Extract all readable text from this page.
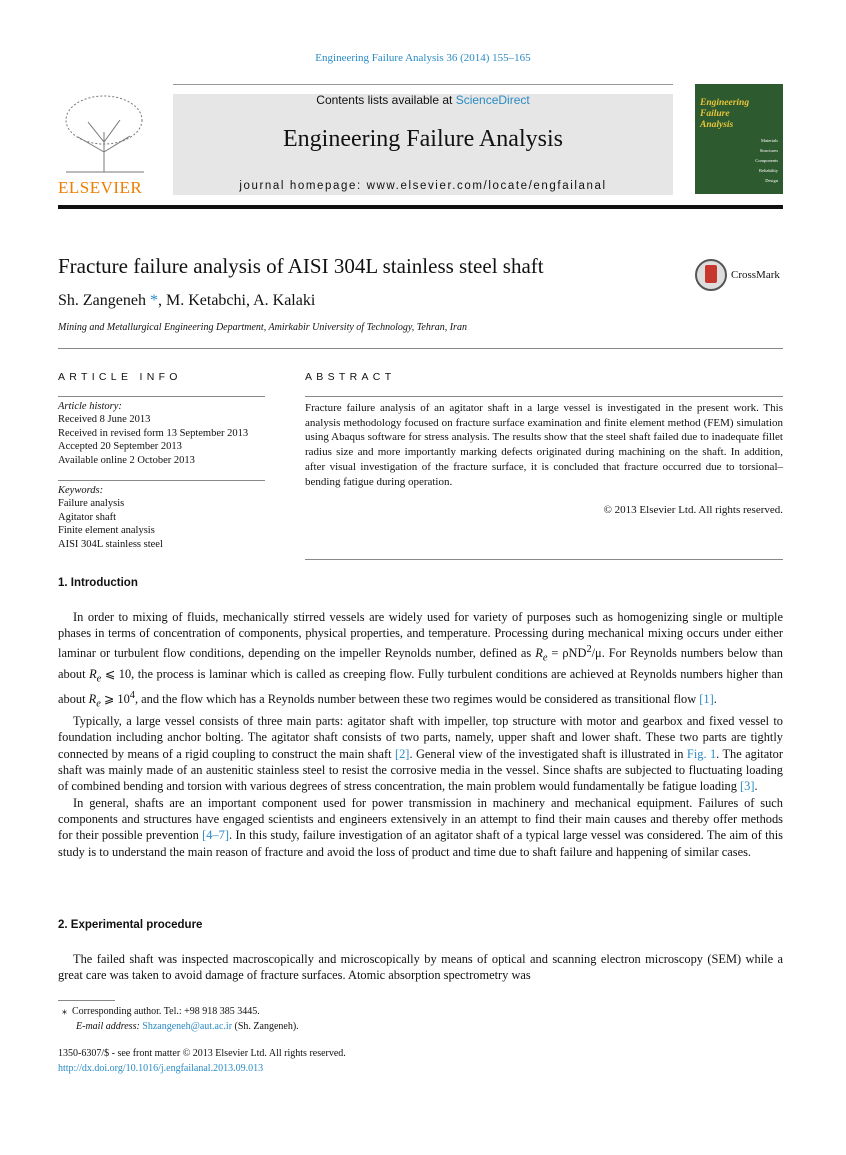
Engineering Failure Analysis 36 (2014) 155–165
ELSEVIER
Contents lists available at ScienceDirect
Engineering Failure Analysis
journal homepage: www.elsevier.com/locate/engfailanal
Engineering
Failure
Analysis
Materials
Structures
Components
Reliability
Design
Fracture failure analysis of AISI 304L stainless steel shaft	CrossMark
Sh. Zangeneh *, M. Ketabchi, A. Kalaki
Mining and Metallurgical Engineering Department, Amirkabir University of Technology, Tehran, Iran
ARTICLE INFO
Article history:
Received 8 June 2013
Received in revised form 13 September 2013
Accepted 20 September 2013
Available online 2 October 2013
Keywords:
Failure analysis
Agitator shaft
Finite element analysis
AISI 304L stainless steel
ABSTRACT
Fracture failure analysis of an agitator shaft in a large vessel is investigated in the present work. This analysis methodology focused on fracture surface examination and finite element method (FEM) simulation using Abaqus software for stress analysis. The results show that the steel shaft failed due to inadequate fillet radius size and more importantly marking defects originated during machining on the shaft. In addition, after visual investigation of the fracture surface, it is concluded that fracture occurred due to torsional–bending fatigue during operation.
© 2013 Elsevier Ltd. All rights reserved.
1. Introduction

In order to mixing of fluids, mechanically stirred vessels are widely used for variety of purposes such as homogenizing single or multiple phases in terms of concentration of components, physical properties, and temperature. Processing during mechanical mixing occurs under either laminar or turbulent flow conditions, depending on the impeller Reynolds number, defined as $R_e = \rho ND^2/\mu$. For Reynolds numbers below than about $R_e$ ⩽ 10, the process is laminar which is called as creeping flow. Fully turbulent conditions are achieved at Reynolds numbers higher than about $R_e$ ⩾ $10^4$, and the flow which has a Reynolds number between these two regimes would be considered as transitional flow [1].

Typically, a large vessel consists of three main parts: agitator shaft with impeller, top structure with motor and gearbox and fixed vessel to foundation including anchor bolting. The agitator shaft consists of two parts, namely, upper shaft and lower shaft. These two parts are tightly connected by means of a rigid coupling to construct the main shaft [2]. General view of the investigated shaft is illustrated in Fig. 1. The agitator shaft was mainly made of an austenitic stainless steel to resist the corrosive media in the vessel. Since shafts are subjected to fluctuating loading of combined bending and torsion with various degrees of stress concentration, the main problem would fundamentally be fatigue loading [3].

In general, shafts are an important component used for power transmission in machinery and mechanical equipment. Failures of such components and structures have engaged scientists and engineers extensively in an attempt to find their main causes and thereby offer methods for their possible prevention [4–7]. In this study, failure investigation of an agitator shaft of a typical large vessel was considered. The aim of this study is to understand the main reason of fracture and avoid the loss of product and time due to shaft failure and happening of similar cases.

2. Experimental procedure

The failed shaft was inspected macroscopically and microscopically by means of optical and scanning electron microscopy (SEM) while a great care was taken to avoid damage of fracture surfaces. Atomic absorption spectrometry was

⁎ Corresponding author. Tel.: +98 918 385 3445.
E-mail address: Shzangeneh@aut.ac.ir (Sh. Zangeneh).
1350-6307/$ - see front matter © 2013 Elsevier Ltd. All rights reserved.
http://dx.doi.org/10.1016/j.engfailanal.2013.09.013
